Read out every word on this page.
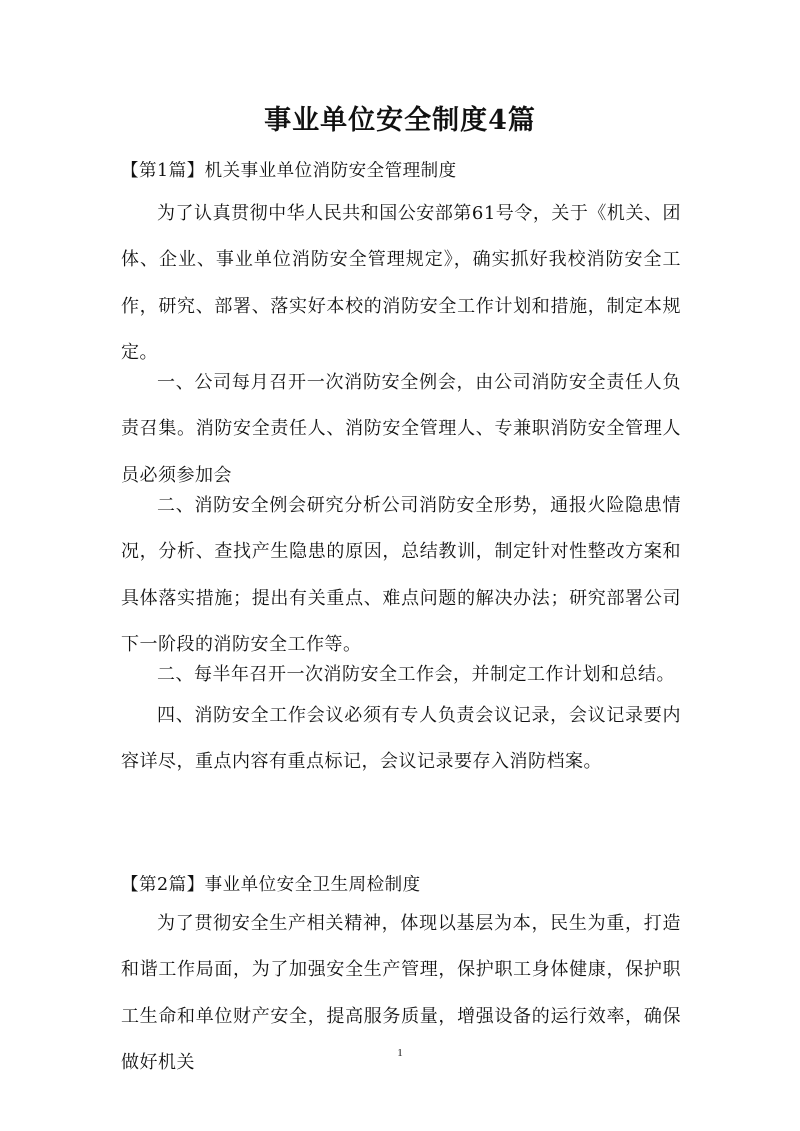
事业单位安全制度4篇
【第1篇】机关事业单位消防安全管理制度

为了认真贯彻中华人民共和国公安部第61号令，关于《机关、团体、企业、事业单位消防安全管理规定》，确实抓好我校消防安全工作，研究、部署、落实好本校的消防安全工作计划和措施，制定本规定。

一、公司每月召开一次消防安全例会，由公司消防安全责任人负责召集。消防安全责任人、消防安全管理人、专兼职消防安全管理人员必须参加会

二、消防安全例会研究分析公司消防安全形势，通报火险隐患情况，分析、查找产生隐患的原因，总结教训，制定针对性整改方案和具体落实措施；提出有关重点、难点问题的解决办法；研究部署公司下一阶段的消防安全工作等。

二、每半年召开一次消防安全工作会，并制定工作计划和总结。

四、消防安全工作会议必须有专人负责会议记录，会议记录要内容详尽，重点内容有重点标记，会议记录要存入消防档案。

【第2篇】事业单位安全卫生周检制度

为了贯彻安全生产相关精神，体现以基层为本，民生为重，打造和谐工作局面，为了加强安全生产管理，保护职工身体健康，保护职工生命和单位财产安全，提高服务质量，增强设备的运行效率，确保做好机关	1
